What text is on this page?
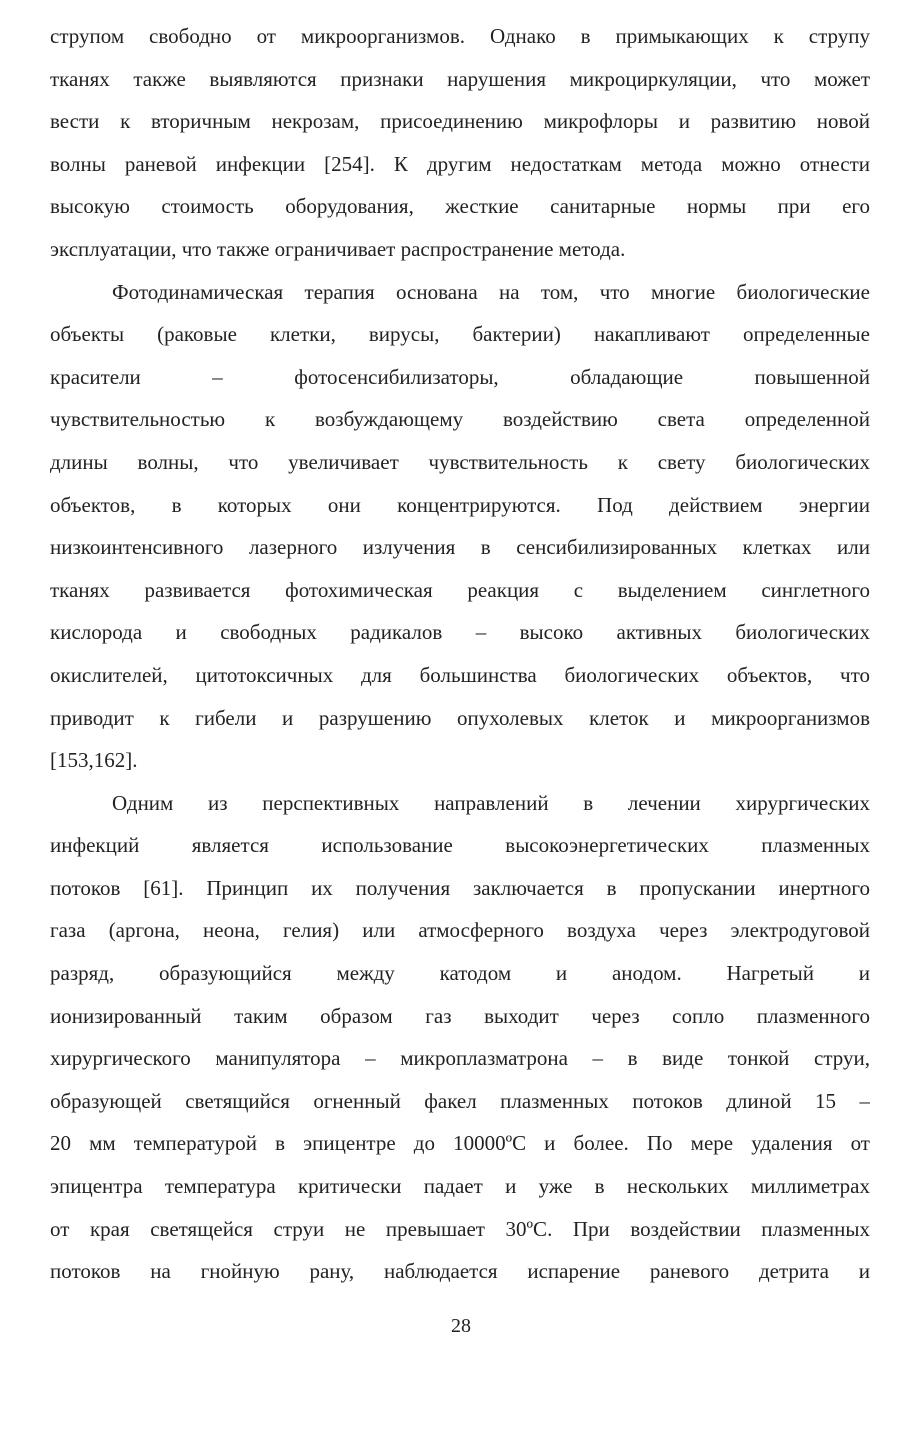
струпом свободно от микроорганизмов. Однако в примыкающих к струпу
тканях также выявляются признаки нарушения микроциркуляции, что может
вести к вторичным некрозам, присоединению микрофлоры и развитию новой
волны раневой инфекции [254]. К другим недостаткам метода можно отнести
высокую стоимость оборудования, жесткие санитарные нормы при его
эксплуатации, что также ограничивает распространение метода.
Фотодинамическая терапия основана на том, что многие биологические
объекты (раковые клетки, вирусы, бактерии) накапливают определенные
красители – фотосенсибилизаторы, обладающие повышенной
чувствительностью к возбуждающему воздействию света определенной
длины волны, что увеличивает чувствительность к свету биологических
объектов, в которых они концентрируются. Под действием энергии
низкоинтенсивного лазерного излучения в сенсибилизированных клетках или
тканях развивается фотохимическая реакция с выделением синглетного
кислорода и свободных радикалов – высоко активных биологических
окислителей, цитотоксичных для большинства биологических объектов, что
приводит к гибели и разрушению опухолевых клеток и микроорганизмов
[153,162].
Одним из перспективных направлений в лечении хирургических
инфекций является использование высокоэнергетических плазменных
потоков [61]. Принцип их получения заключается в пропускании инертного
газа (аргона, неона, гелия) или атмосферного воздуха через электродуговой
разряд, образующийся между катодом и анодом. Нагретый и
ионизированный таким образом газ выходит через сопло плазменного
хирургического манипулятора – микроплазматрона – в виде тонкой струи,
образующей светящийся огненный факел плазменных потоков длиной 15 –
20 мм температурой в эпицентре до 10000ºС и более. По мере удаления от
эпицентра температура критически падает и уже в нескольких миллиметрах
от края светящейся струи не превышает 30ºС. При воздействии плазменных
потоков на гнойную рану, наблюдается испарение раневого детрита и
28
